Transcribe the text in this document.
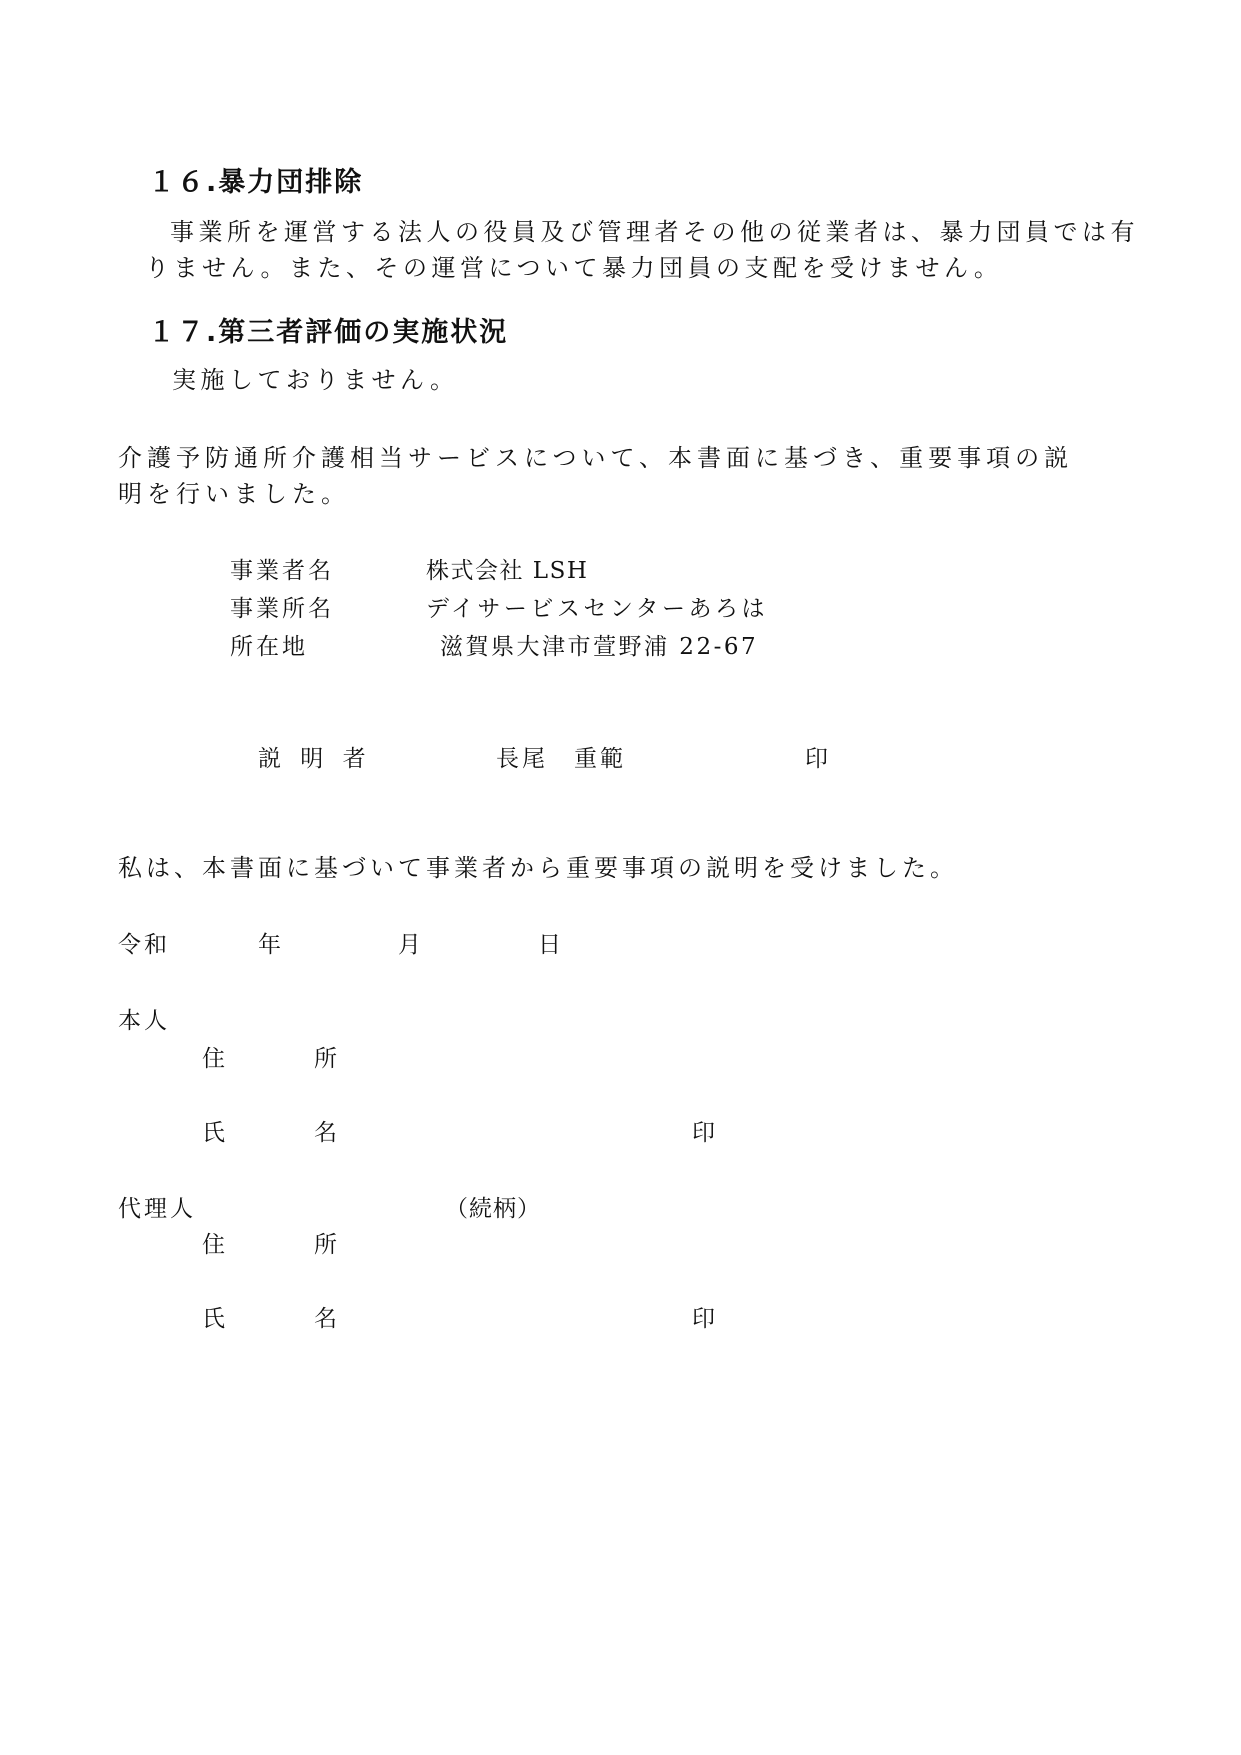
１６.暴力団排除
事業所を運営する法人の役員及び管理者その他の従業者は、暴力団員では有
りません。また、その運営について暴力団員の支配を受けません。
１７.第三者評価の実施状況
実施しておりません。
介護予防通所介護相当サービスについて、本書面に基づき、重要事項の説
明を行いました。
事業者名	株式会社 LSH
事業所名	デイサービスセンターあろは
所在地	滋賀県大津市萱野浦 22-67
説 明 者	長尾　重範	印
私は、本書面に基づいて事業者から重要事項の説明を受けました。
令和	年	月	日
本人
住	所
氏	名	印
代理人	（続柄）
住	所
氏	名	印
